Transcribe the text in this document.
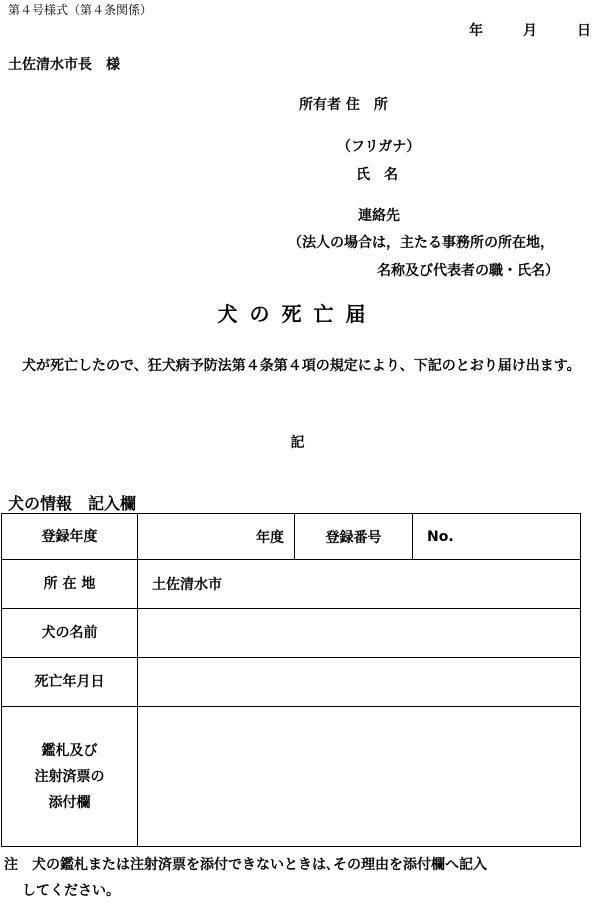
第４号様式（第４条関係）
年	月	日
土佐清水市長　様
所有者 住　所
（フリガナ）
氏　名
連絡先
（法人の場合は，主たる事務所の所在地，
名称及び代表者の職・氏名）
犬の死亡届
　犬が死亡したので、狂犬病予防法第４条第４項の規定により、下記のとおり届け出ます。
記
犬の情報　記入欄
登録年度	年度	登録番号	No.
所 在 地	土佐清水市		
犬の名前			
死亡年月日			

鑑札及び
注射済票の
添付欄			

注　犬の鑑札または注射済票を添付できないときは､その理由を添付欄へ記入
してください。
